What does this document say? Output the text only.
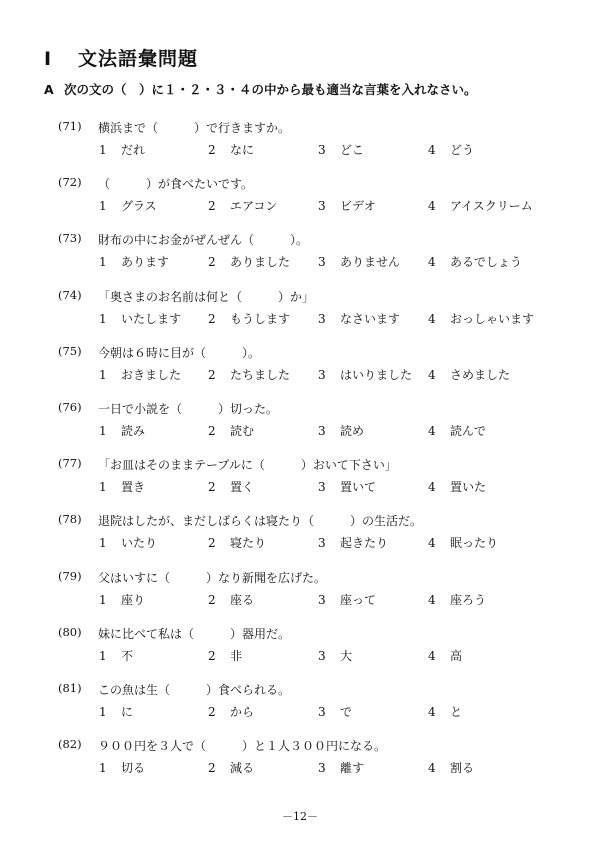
I 文法語彙問題
A 次の文の（　）に１・２・３・４の中から最も適当な言葉を入れなさい。
(71) 横浜まで（　　　）で行きますか。
1 だれ	2 なに	3 どこ	4 どう
(72) （　　　）が食べたいです。
1 グラス	2 エアコン	3 ビデオ	4 アイスクリーム
(73) 財布の中にお金がぜんぜん（　　　）。
1 あります	2 ありました 3 ありません 4 あるでしょう
(74) 「奥さまのお名前は何と（　　　）か」
1 いたします 2 もうします 3 なさいます 4 おっしゃいます
(75) 今朝は６時に目が（　　　）。
1 おきました 2 たちました 3 はいりました 4 さめました
(76) 一日で小説を（　　　）切った。
1 読み	2 読む	3 読め	4 読んで
(77) 「お皿はそのままテーブルに（　　　）おいて下さい」
1 置き	2 置く	3 置いて	4 置いた
(78) 退院はしたが、まだしばらくは寝たり（　　　）の生活だ。
1 いたり	2 寝たり	3 起きたり	4 眠ったり
(79) 父はいすに（　　　）なり新聞を広げた。
1 座り	2 座る	3 座って	4 座ろう
(80) 妹に比べて私は（　　　）器用だ。
1 不	2 非	3 大	4 高
(81) この魚は生（　　　）食べられる。
1 に	2 から	3 で	4 と
(82) ９００円を３人で（　　　）と１人３００円になる。
1 切る	2 減る	3 離す	4 割る
－12－
